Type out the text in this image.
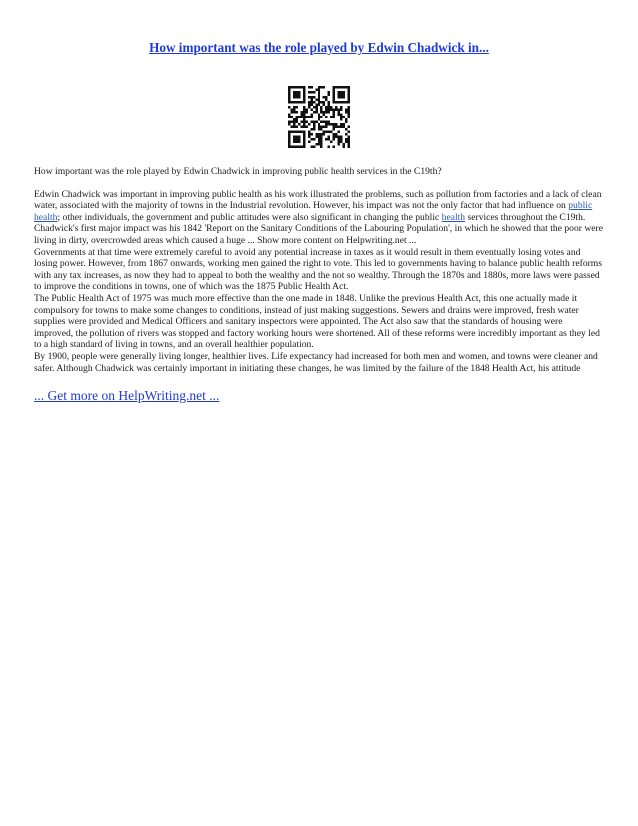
How important was the role played by Edwin Chadwick in...

How important was the role played by Edwin Chadwick in improving public health services in the C19th?

Edwin Chadwick was important in improving public health as his work illustrated the problems, such as pollution from factories and a lack of clean water, associated with the majority of towns in the Industrial revolution. However, his impact was not the only factor that had influence on public health; other individuals, the government and public attitudes were also significant in changing the public health services throughout the C19th.

Chadwick's first major impact was his 1842 'Report on the Sanitary Conditions of the Labouring Population', in which he showed that the poor were living in dirty, overcrowded areas which caused a huge ... Show more content on Helpwriting.net ...

Governments at that time were extremely careful to avoid any potential increase in taxes as it would result in them eventually losing votes and losing power. However, from 1867 onwards, working men gained the right to vote. This led to governments having to balance public health reforms with any tax increases, as now they had to appeal to both the wealthy and the not so wealthy. Through the 1870s and 1880s, more laws were passed to improve the conditions in towns, one of which was the 1875 Public Health Act.

The Public Health Act of 1975 was much more effective than the one made in 1848. Unlike the previous Health Act, this one actually made it compulsory for towns to make some changes to conditions, instead of just making suggestions. Sewers and drains were improved, fresh water supplies were provided and Medical Officers and sanitary inspectors were appointed. The Act also saw that the standards of housing were improved, the pollution of rivers was stopped and factory working hours were shortened. All of these reforms were incredibly important as they led to a high standard of living in towns, and an overall healthier population.

By 1900, people were generally living longer, healthier lives. Life expectancy had increased for both men and women, and towns were cleaner and safer. Although Chadwick was certainly important in initiating these changes, he was limited by the failure of the 1848 Health Act, his attitude

... Get more on HelpWriting.net ...
